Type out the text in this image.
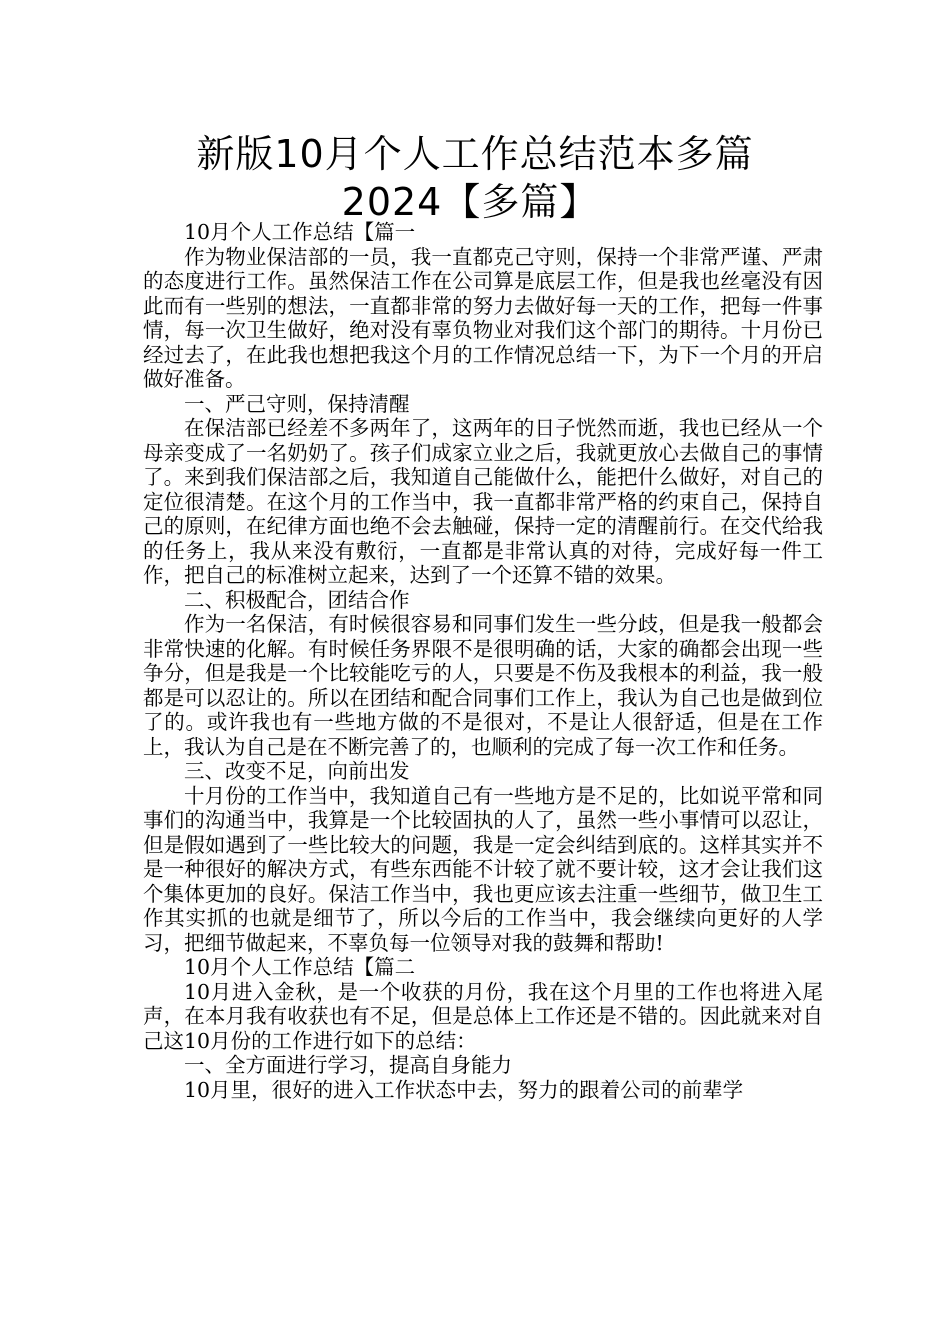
新版10月个人工作总结范本多篇
2024【多篇】

10月个人工作总结【篇一

作为物业保洁部的一员，我一直都克己守则，保持一个非常严谨、严肃的态度进行工作。虽然保洁工作在公司算是底层工作，但是我也丝毫没有因此而有一些别的想法，一直都非常的努力去做好每一天的工作，把每一件事情，每一次卫生做好，绝对没有辜负物业对我们这个部门的期待。十月份已经过去了，在此我也想把我这个月的工作情况总结一下，为下一个月的开启做好准备。

一、严己守则，保持清醒

在保洁部已经差不多两年了，这两年的日子恍然而逝，我也已经从一个母亲变成了一名奶奶了。孩子们成家立业之后，我就更放心去做自己的事情了。来到我们保洁部之后，我知道自己能做什么，能把什么做好，对自己的定位很清楚。在这个月的工作当中，我一直都非常严格的约束自己，保持自己的原则，在纪律方面也绝不会去触碰，保持一定的清醒前行。在交代给我的任务上，我从来没有敷衍，一直都是非常认真的对待，完成好每一件工作，把自己的标准树立起来，达到了一个还算不错的效果。

二、积极配合，团结合作

作为一名保洁，有时候很容易和同事们发生一些分歧，但是我一般都会非常快速的化解。有时候任务界限不是很明确的话，大家的确都会出现一些争分，但是我是一个比较能吃亏的人，只要是不伤及我根本的利益，我一般都是可以忍让的。所以在团结和配合同事们工作上，我认为自己也是做到位了的。或许我也有一些地方做的不是很对，不是让人很舒适，但是在工作上，我认为自己是在不断完善了的，也顺利的完成了每一次工作和任务。

三、改变不足，向前出发

十月份的工作当中，我知道自己有一些地方是不足的，比如说平常和同事们的沟通当中，我算是一个比较固执的人了，虽然一些小事情可以忍让，但是假如遇到了一些比较大的问题，我是一定会纠结到底的。这样其实并不是一种很好的解决方式，有些东西能不计较了就不要计较，这才会让我们这个集体更加的良好。保洁工作当中，我也更应该去注重一些细节，做卫生工作其实抓的也就是细节了，所以今后的工作当中，我会继续向更好的人学习，把细节做起来，不辜负每一位领导对我的鼓舞和帮助!

10月个人工作总结【篇二

10月进入金秋，是一个收获的月份，我在这个月里的工作也将进入尾声，在本月我有收获也有不足，但是总体上工作还是不错的。因此就来对自己这10月份的工作进行如下的总结：

一、全方面进行学习，提高自身能力

10月里，很好的进入工作状态中去，努力的跟着公司的前辈学
